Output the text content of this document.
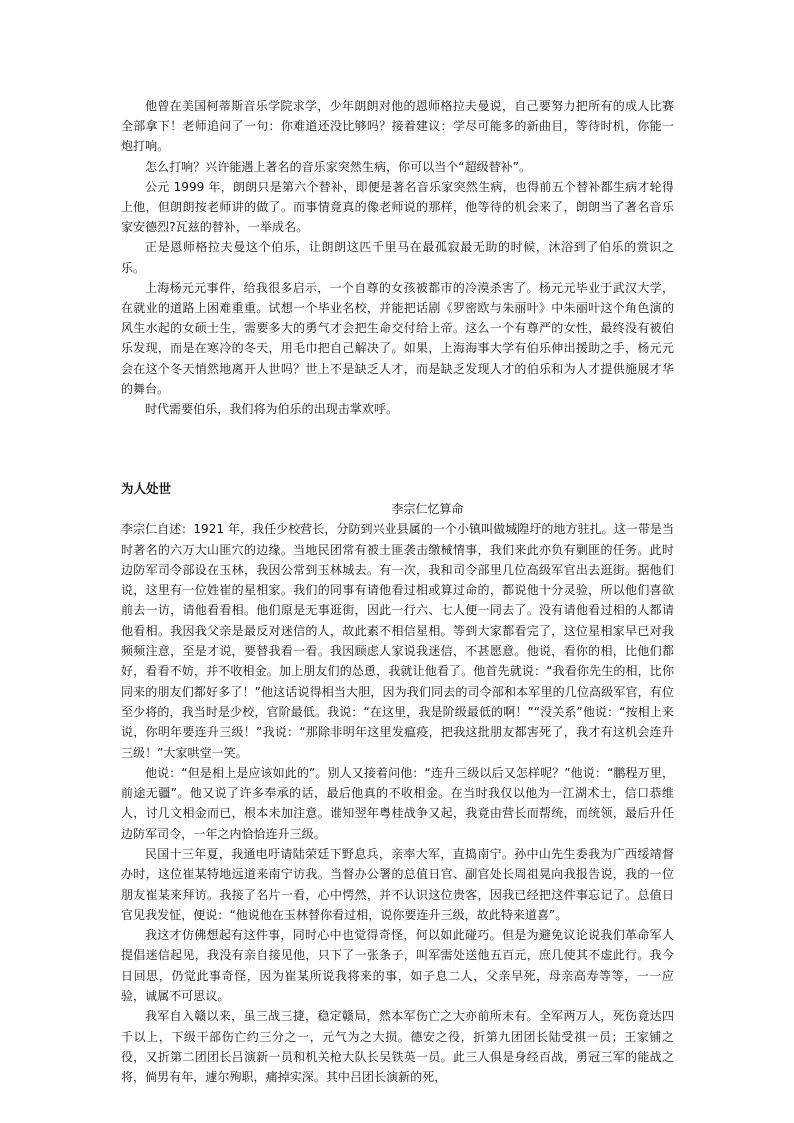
他曾在美国柯蒂斯音乐学院求学，少年朗朗对他的恩师格拉夫曼说，自己要努力把所有的成人比赛全部拿下！老师追问了一句：你难道还没比够吗？接着建议：学尽可能多的新曲目，等待时机，你能一炮打响。

怎么打响？兴许能遇上著名的音乐家突然生病，你可以当个“超级替补”。

公元 1999 年，朗朗只是第六个替补，即便是著名音乐家突然生病，也得前五个替补都生病才轮得上他，但朗朗按老师讲的做了。而事情竟真的像老师说的那样，他等待的机会来了，朗朗当了著名音乐家安德烈?瓦兹的替补，一举成名。

正是恩师格拉夫曼这个伯乐，让朗朗这匹千里马在最孤寂最无助的时候，沐浴到了伯乐的赏识之乐。

上海杨元元事件，给我很多启示，一个自尊的女孩被都市的冷漠杀害了。杨元元毕业于武汉大学，在就业的道路上困难重重。试想一个毕业名校，并能把话剧《罗密欧与朱丽叶》中朱丽叶这个角色演的风生水起的女硕士生，需要多大的勇气才会把生命交付给上帝。这么一个有尊严的女性，最终没有被伯乐发现，而是在寒冷的冬天，用毛巾把自己解决了。如果，上海海事大学有伯乐伸出援助之手，杨元元会在这个冬天悄然地离开人世吗？世上不是缺乏人才，而是缺乏发现人才的伯乐和为人才提供施展才华的舞台。

时代需要伯乐，我们将为伯乐的出现击掌欢呼。

为人处世
李宗仁忆算命

李宗仁自述：1921 年，我任少校营长，分防到兴业县属的一个小镇叫做城隍圩的地方驻扎。这一带是当时著名的六万大山匪穴的边缘。当地民团常有被土匪袭击缴械情事，我们来此亦负有剿匪的任务。此时边防军司令部设在玉林，我因公常到玉林城去。有一次，我和司令部里几位高级军官出去逛街。据他们说，这里有一位姓崔的星相家。我们的同事有请他看过相或算过命的，都说他十分灵验，所以他们喜欲前去一访，请他看看相。他们原是无事逛街，因此一行六、七人便一同去了。没有请他看过相的人都请他看相。我因我父亲是最反对迷信的人，故此素不相信星相。等到大家都看完了，这位星相家早已对我频频注意，至是才说，要替我看一看。我因顾虑人家说我迷信，不甚愿意。他说，看你的相，比他们都好，看看不妨，并不收相金。加上朋友们的怂恿，我就让他看了。他首先就说：“我看你先生的相，比你同来的朋友们都好多了！”他这话说得相当大胆，因为我们同去的司令部和本军里的几位高级军官，有位至少将的，我当时是少校，官阶最低。我说：“在这里，我是阶级最低的啊！”“没关系”他说：“按相上来说，你明年要连升三级！”我说：“那除非明年这里发瘟疫，把我这批朋友都害死了，我才有这机会连升三级！”大家哄堂一笑。

他说：“但是相上是应该如此的”。别人又接着问他：“连升三级以后又怎样呢？”他说：“鹏程万里，前途无疆”。他又说了许多奉承的话，最后他真的不收相金。在当时我仅以他为一江湖术士，信口恭维人，讨几文相金而已，根本未加注意。谁知翌年粤桂战争又起，我竟由营长而帮统，而统领，最后升任边防军司令，一年之内恰恰连升三级。

民国十三年夏，我通电吁请陆荣廷下野息兵，亲率大军，直捣南宁。孙中山先生委我为广西绥靖督办时，这位崔某特地远道来南宁访我。当督办公署的总值日官、副官处长周祖晃向我报告说，我的一位朋友崔某来拜访。我接了名片一看，心中愕然，并不认识这位贵客，因我已经把这件事忘记了。总值日官见我发怔，便说：“他说他在玉林替你看过相，说你要连升三级，故此特来道喜”。

我这才仿佛想起有这件事，同时心中也觉得奇怪，何以如此碰巧。但是为避免议论说我们革命军人提倡迷信起见，我没有亲自接见他，只下了一张条子，叫军需处送他五百元，庶几使其不虚此行。我今日回思，仍觉此事奇怪，因为崔某所说我将来的事，如子息二人，父亲早死，母亲高寿等等，一一应验，诚属不可思议。

我军自入赣以来，虽三战三捷，稳定赣局，然本军伤亡之大亦前所未有。全军两万人，死伤竟达四千以上，下级干部伤亡约三分之一，元气为之大损。德安之役，折第九团团长陆受祺一员；王家铺之役，又折第二团团长吕演新一员和机关枪大队长吴铁英一员。此三人俱是身经百战，勇冠三军的能战之将，倘男有年，遽尔殉职，痛掉实深。其中吕团长演新的死，
